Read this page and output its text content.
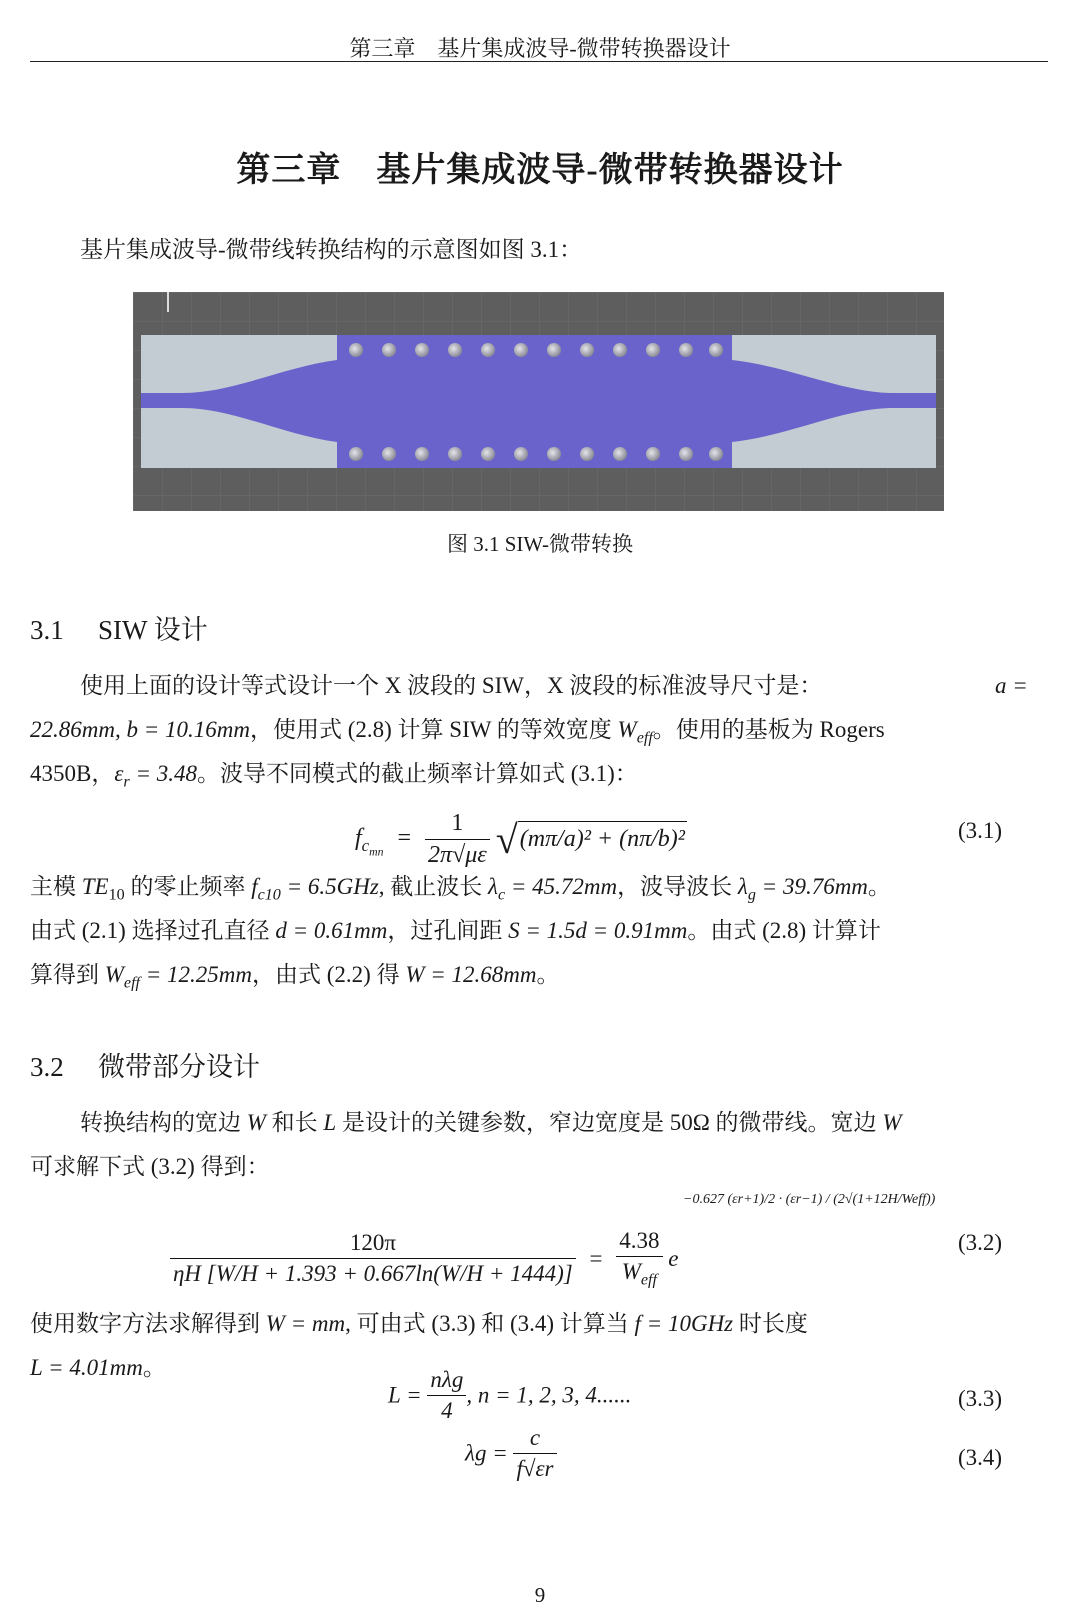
第三章　基片集成波导-微带转换器设计
第三章　基片集成波导-微带转换器设计
基片集成波导-微带线转换结构的示意图如图 3.1：
图 3.1 SIW-微带转换
3.1 SIW 设计
使用上面的设计等式设计一个 X 波段的 SIW，X 波段的标准波导尺寸是：	a =
22.86mm, b = 10.16mm，使用式 (2.8) 计算 SIW 的等效宽度 $W_{eff}$。使用的基板为 Rogers
4350B，$\varepsilon_r = 3.48$。波导不同模式的截止频率计算如式 (3.1)：
$f_{c_{mn}} = \frac{1}{2\pi√\mu\varepsilon} √(m\pi/a)^2 + (n\pi/b)^2$	(3.1)
主模 $TE_{10}$ 的零止频率 $f_{c10} = 6.5GHz$, 截止波长 $\lambda_c = 45.72mm$，波导波长 $\lambda_g = 39.76mm$。
由式 (2.1) 选择过孔直径 d = 0.61mm，过孔间距 S = 1.5d = 0.91mm。由式 (2.8) 计算计
算得到 $W_{eff} = 12.25mm$，由式 (2.2) 得 W = 12.68mm。
3.2 微带部分设计
转换结构的宽边 W 和长 L 是设计的关键参数，窄边宽度是 50Ω 的微带线。宽边 W
可求解下式 (3.2) 得到：
$\frac{120\pi}{\eta H [W/H + 1.393 + 0.667\ln(W/H + 1444)]} = \frac{4.38}{W_{eff}}$ e
−0.627 (εr+1)/2 · (εr−1) / (2√(1+12H/Weff))
(3.2)
使用数字方法求解得到 W = mm, 可由式 (3.3) 和 (3.4) 计算当 f = 10GHz 时长度
L = 4.01mm。
$L = \frac{\text{nλg}}{4}$ , n = 1, 2, 3, 4......	(3.3)
$\lambda g = \frac{c}{f√\varepsilon r}$	(3.4)
9
